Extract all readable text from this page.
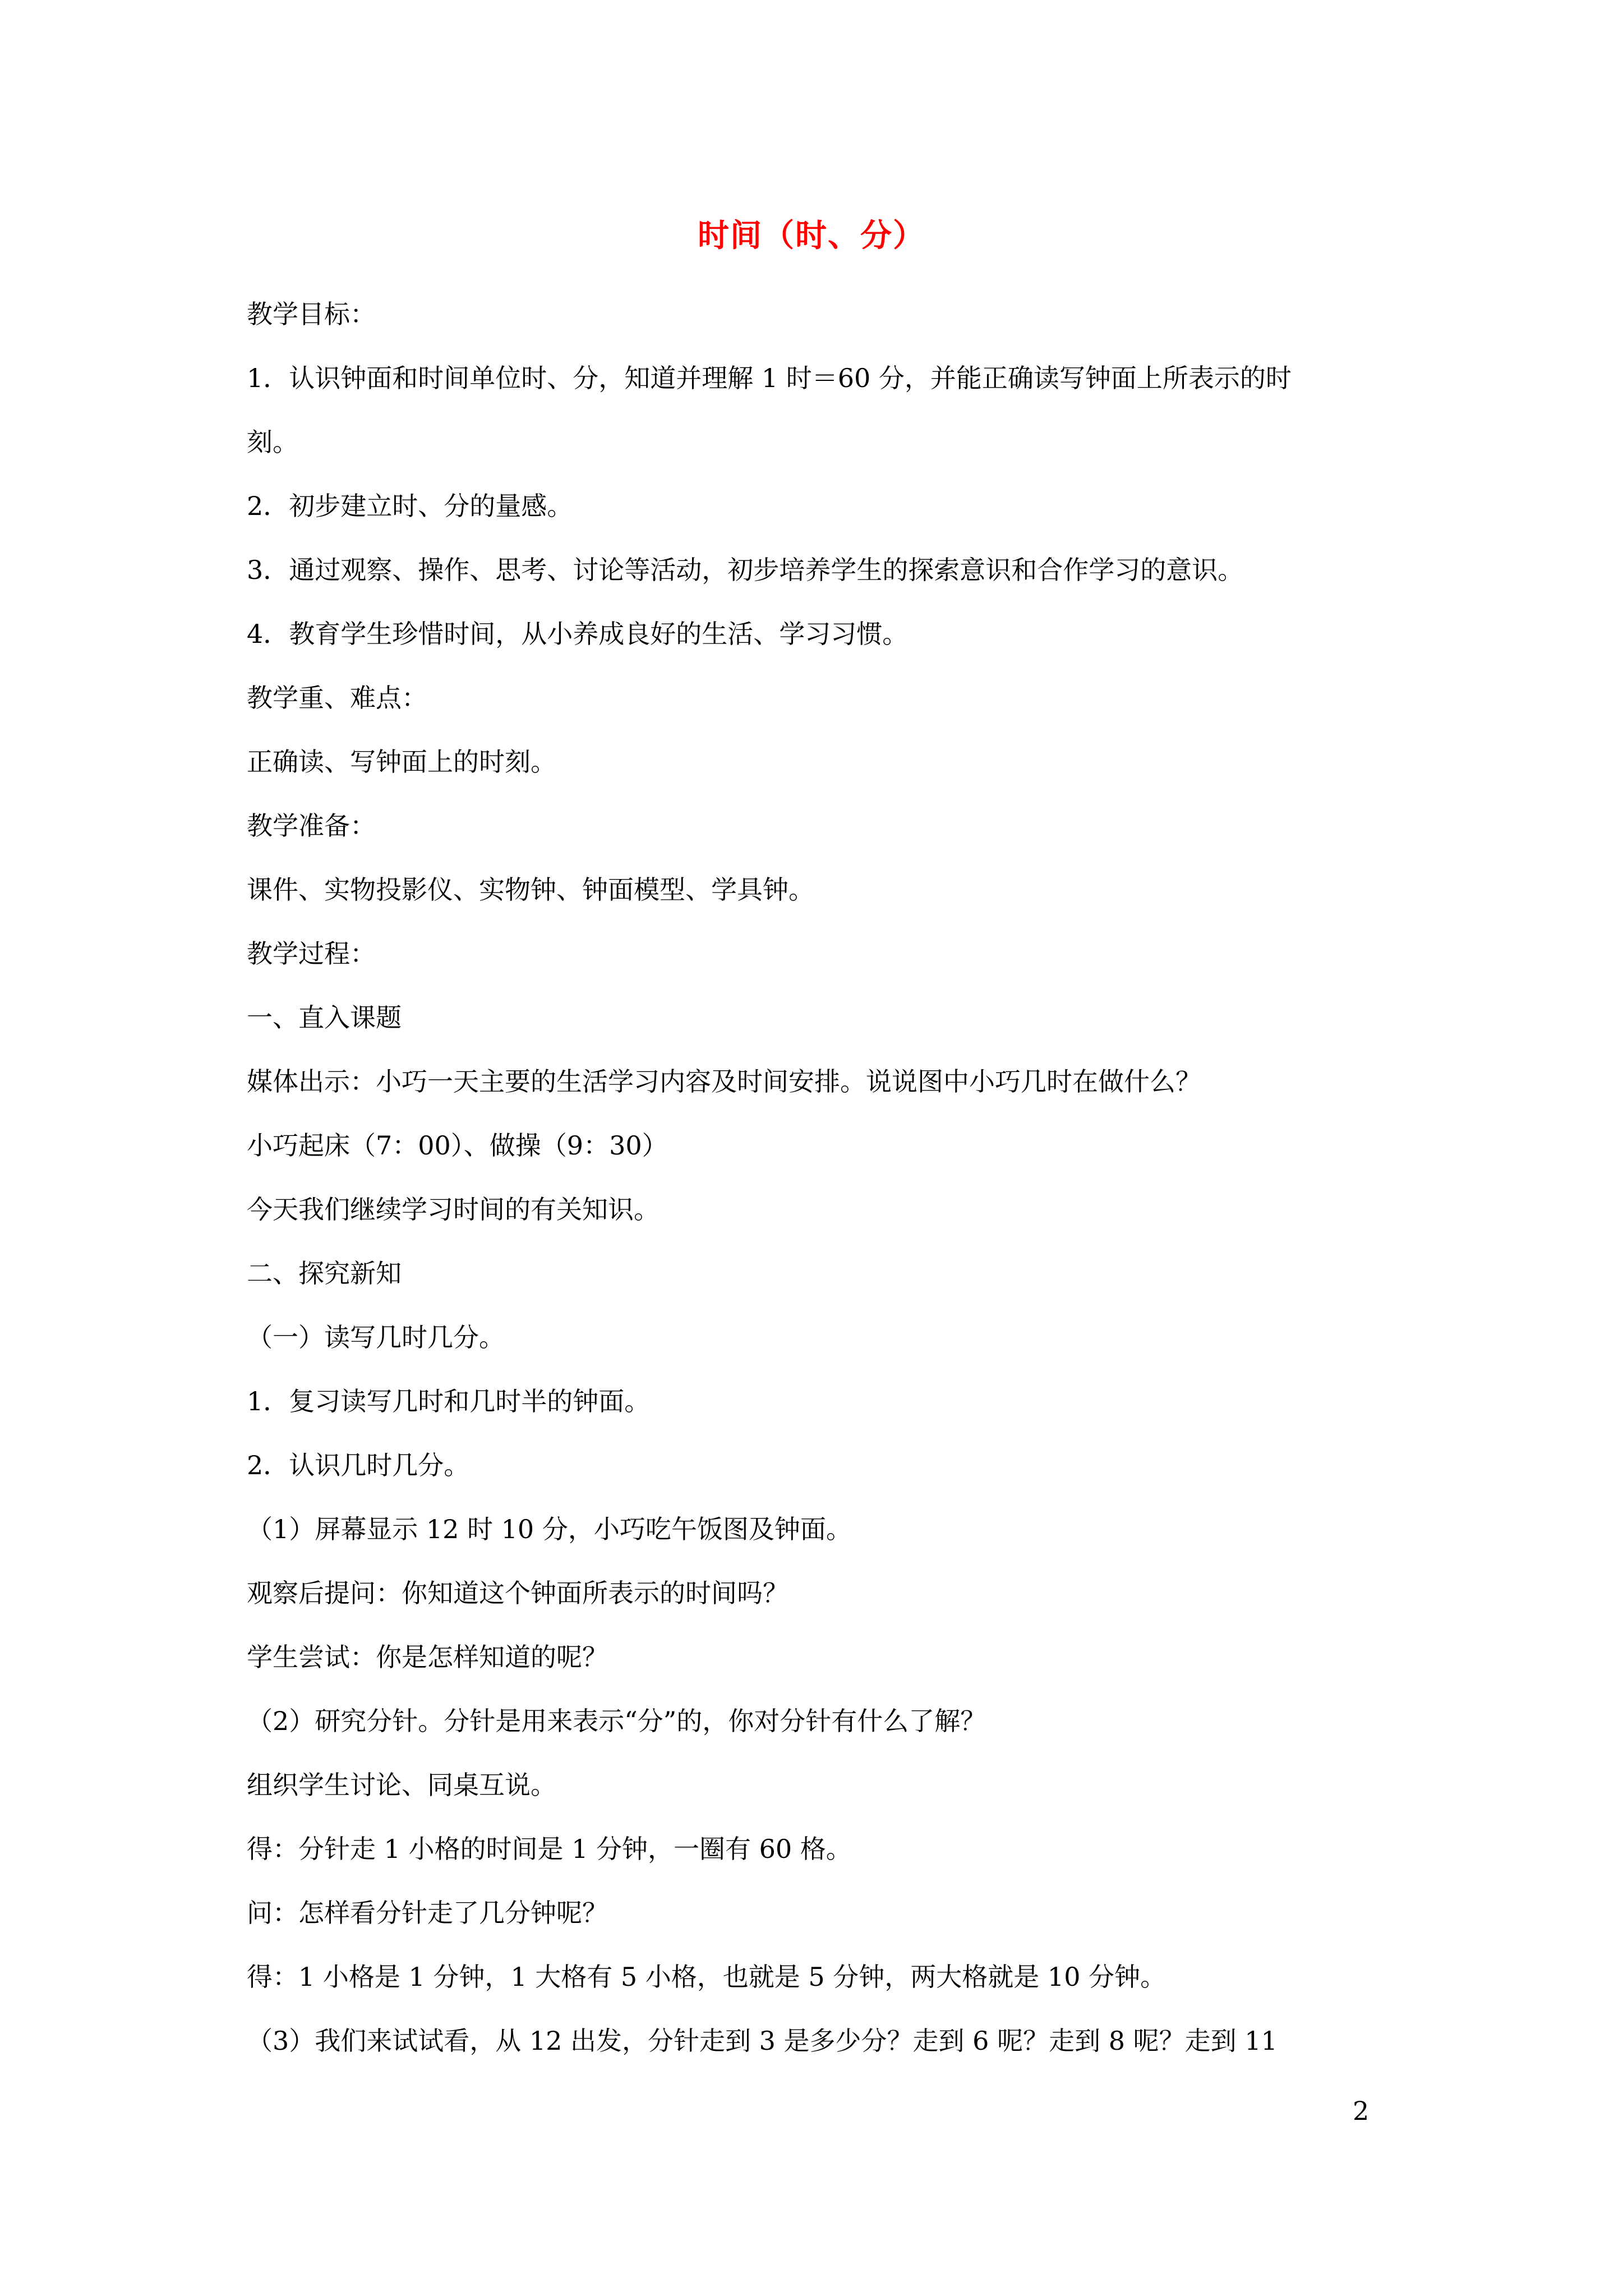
时间（时、分）
教学目标：
1．认识钟面和时间单位时、分，知道并理解 1 时＝60 分，并能正确读写钟面上所表示的时
刻。
2．初步建立时、分的量感。
3．通过观察、操作、思考、讨论等活动，初步培养学生的探索意识和合作学习的意识。
4．教育学生珍惜时间，从小养成良好的生活、学习习惯。
教学重、难点：
正确读、写钟面上的时刻。
教学准备：
课件、实物投影仪、实物钟、钟面模型、学具钟。
教学过程：
一、直入课题
媒体出示：小巧一天主要的生活学习内容及时间安排。说说图中小巧几时在做什么？
小巧起床（7：00）、做操（9：30）
今天我们继续学习时间的有关知识。
二、探究新知
（一）读写几时几分。
1．复习读写几时和几时半的钟面。
2．认识几时几分。
（1）屏幕显示 12 时 10 分，小巧吃午饭图及钟面。
观察后提问：你知道这个钟面所表示的时间吗？
学生尝试：你是怎样知道的呢？
（2）研究分针。分针是用来表示“分”的，你对分针有什么了解？
组织学生讨论、同桌互说。
得：分针走 1 小格的时间是 1 分钟，一圈有 60 格。
问：怎样看分针走了几分钟呢？
得：1 小格是 1 分钟，1 大格有 5 小格，也就是 5 分钟，两大格就是 10 分钟。
（3）我们来试试看，从 12 出发，分针走到 3 是多少分？走到 6 呢？走到 8 呢？走到 11
2
